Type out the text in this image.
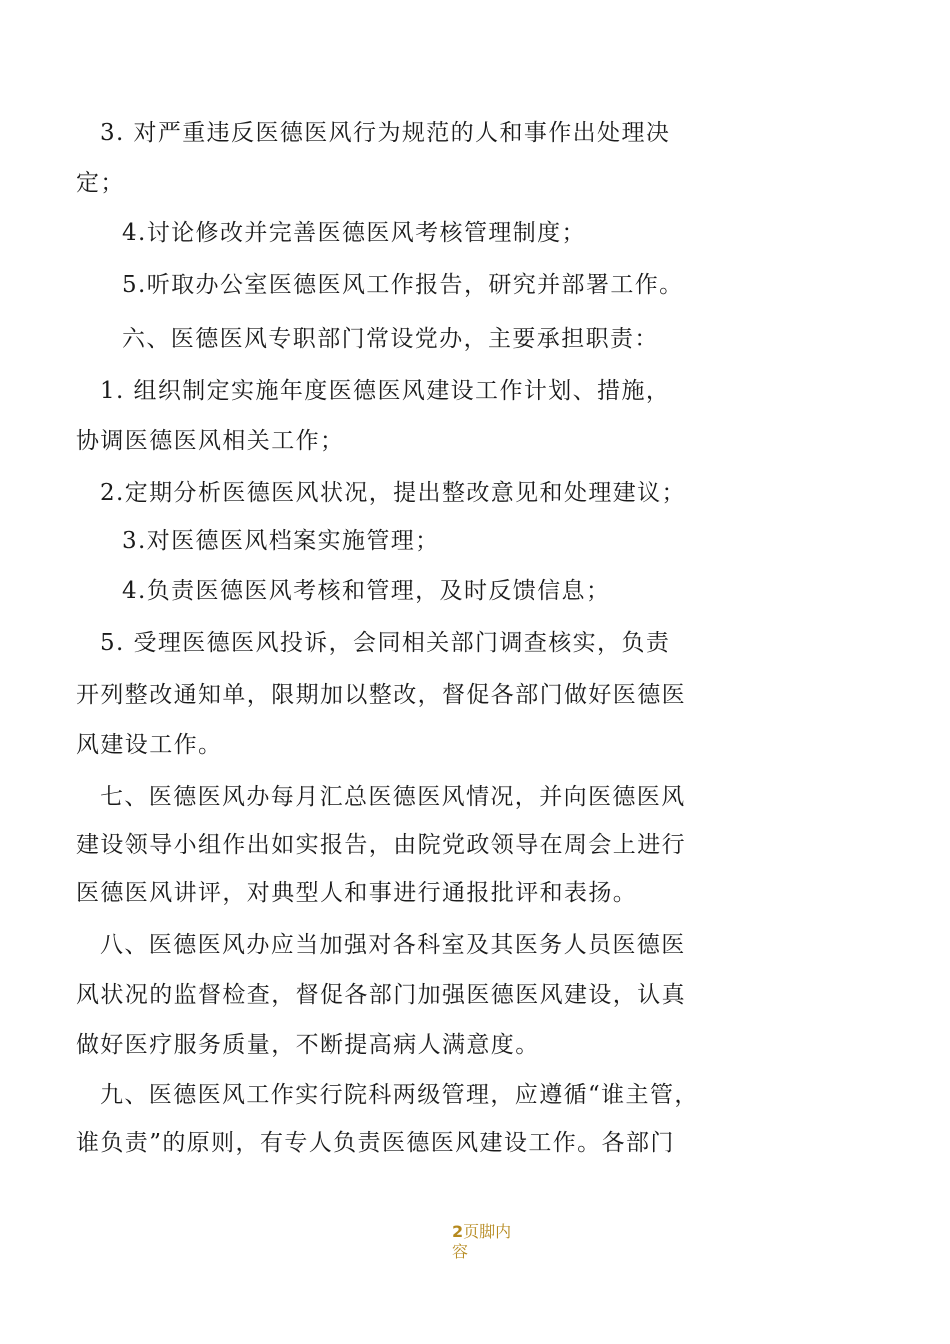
3. 对严重违反医德医风行为规范的人和事作出处理决
定；
4.讨论修改并完善医德医风考核管理制度；
5.听取办公室医德医风工作报告，研究并部署工作。
六、医德医风专职部门常设党办，主要承担职责：
1. 组织制定实施年度医德医风建设工作计划、措施，
协调医德医风相关工作；
2.定期分析医德医风状况，提出整改意见和处理建议；
3.对医德医风档案实施管理；
4.负责医德医风考核和管理，及时反馈信息；
5. 受理医德医风投诉，会同相关部门调查核实，负责
开列整改通知单，限期加以整改，督促各部门做好医德医
风建设工作。
七、医德医风办每月汇总医德医风情况，并向医德医风
建设领导小组作出如实报告，由院党政领导在周会上进行
医德医风讲评，对典型人和事进行通报批评和表扬。
八、医德医风办应当加强对各科室及其医务人员医德医
风状况的监督检查，督促各部门加强医德医风建设，认真
做好医疗服务质量，不断提高病人满意度。
九、医德医风工作实行院科两级管理，应遵循“谁主管，
谁负责”的原则，有专人负责医德医风建设工作。各部门
2页脚内
容
